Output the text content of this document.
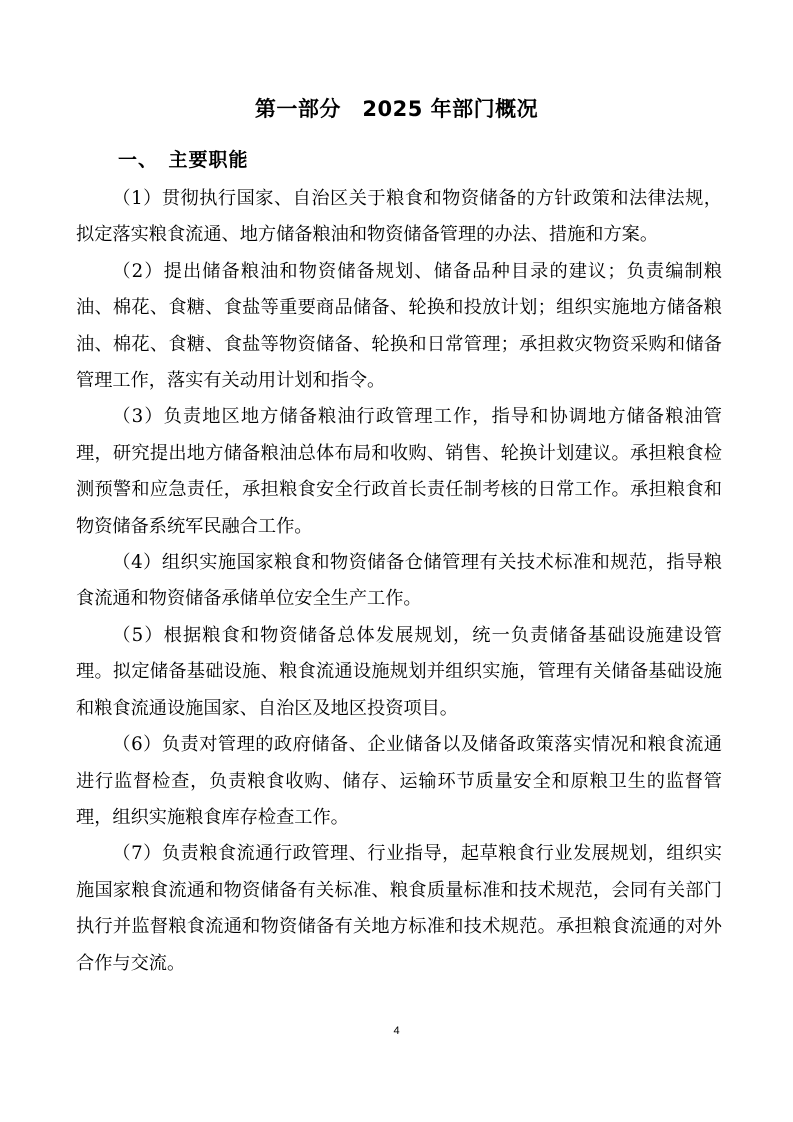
第一部分　2025 年部门概况
一、　主要职能

（1）贯彻执行国家、自治区关于粮食和物资储备的方针政策和法律法规，拟定落实粮食流通、地方储备粮油和物资储备管理的办法、措施和方案。

（2）提出储备粮油和物资储备规划、储备品种目录的建议；负责编制粮油、棉花、食糖、食盐等重要商品储备、轮换和投放计划；组织实施地方储备粮油、棉花、食糖、食盐等物资储备、轮换和日常管理；承担救灾物资采购和储备管理工作，落实有关动用计划和指令。

（3）负责地区地方储备粮油行政管理工作，指导和协调地方储备粮油管理，研究提出地方储备粮油总体布局和收购、销售、轮换计划建议。承担粮食检测预警和应急责任，承担粮食安全行政首长责任制考核的日常工作。承担粮食和物资储备系统军民融合工作。

（4）组织实施国家粮食和物资储备仓储管理有关技术标准和规范，指导粮食流通和物资储备承储单位安全生产工作。

（5）根据粮食和物资储备总体发展规划，统一负责储备基础设施建设管理。拟定储备基础设施、粮食流通设施规划并组织实施，管理有关储备基础设施和粮食流通设施国家、自治区及地区投资项目。

（6）负责对管理的政府储备、企业储备以及储备政策落实情况和粮食流通进行监督检查，负责粮食收购、储存、运输环节质量安全和原粮卫生的监督管理，组织实施粮食库存检查工作。

（7）负责粮食流通行政管理、行业指导，起草粮食行业发展规划，组织实施国家粮食流通和物资储备有关标准、粮食质量标准和技术规范，会同有关部门执行并监督粮食流通和物资储备有关地方标准和技术规范。承担粮食流通的对外合作与交流。

4
